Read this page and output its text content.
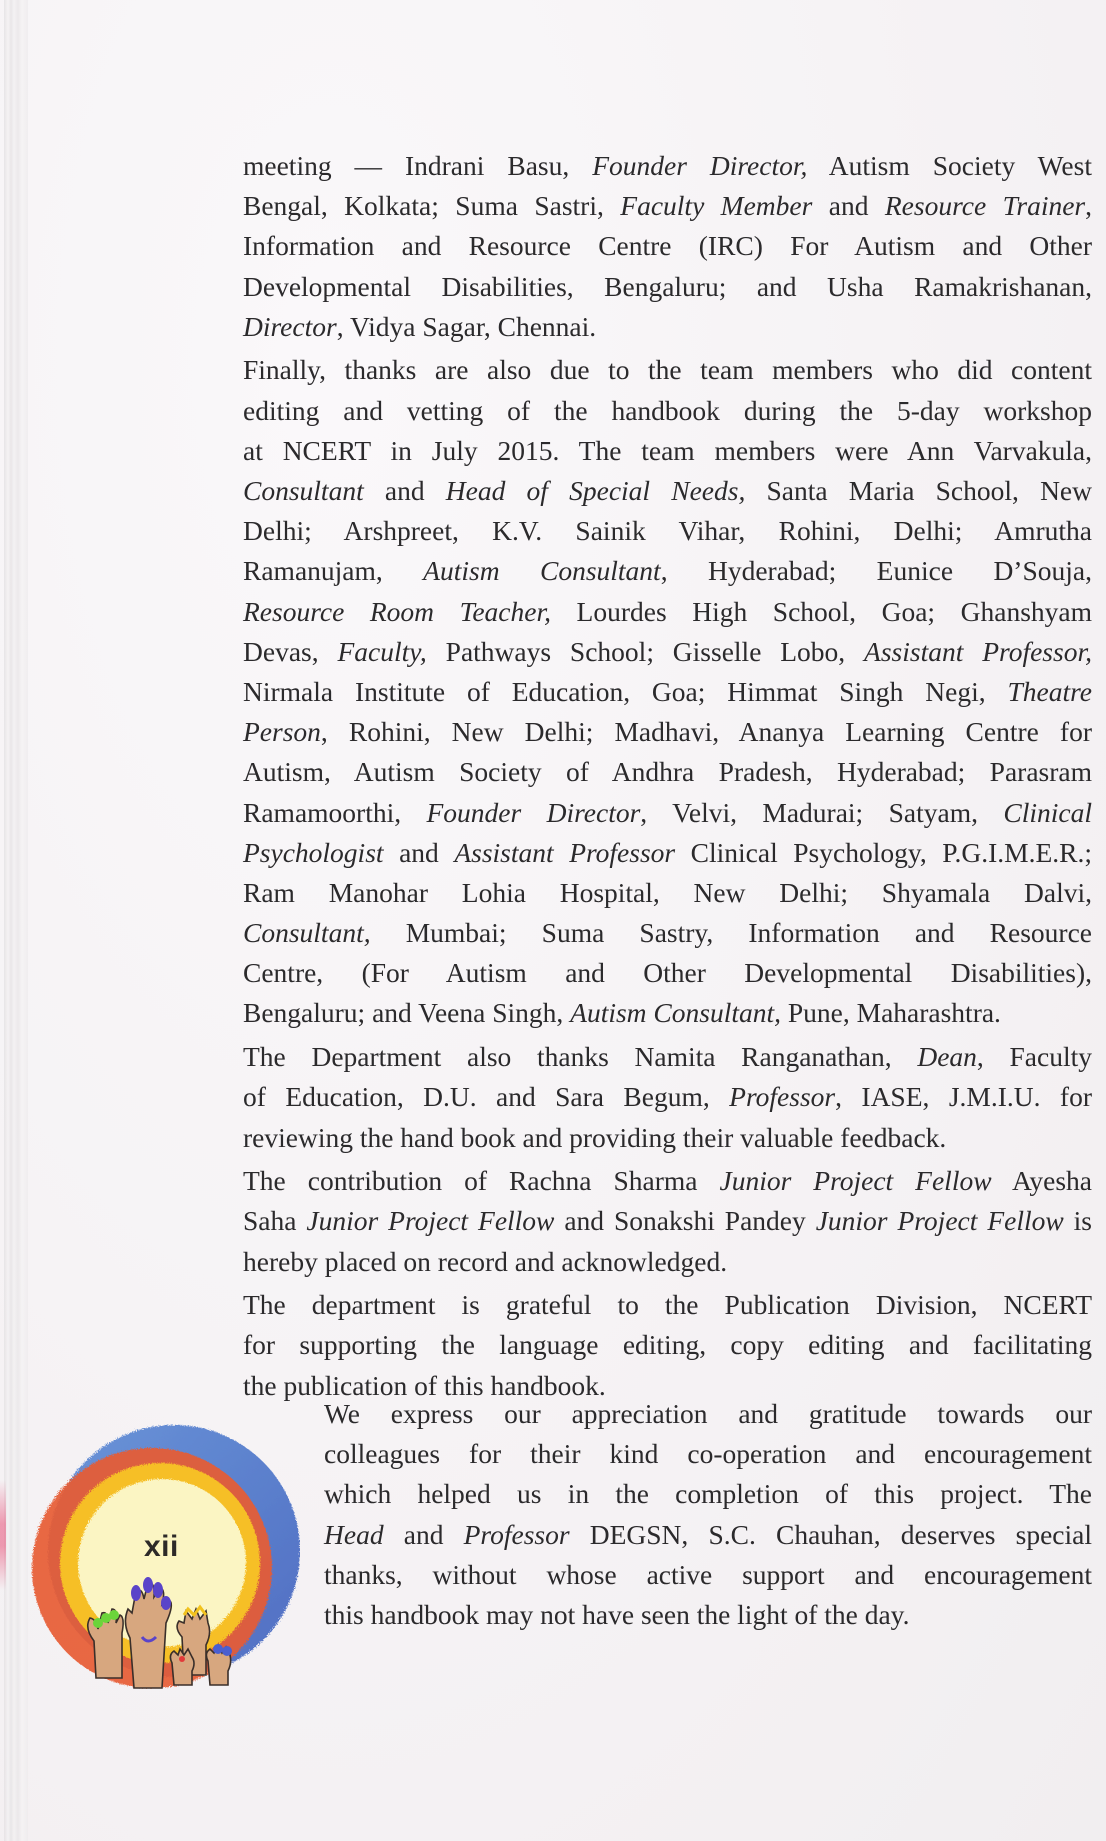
meeting — Indrani Basu, Founder Director, Autism Society West
Bengal, Kolkata; Suma Sastri, Faculty Member and Resource Trainer,
Information and Resource Centre (IRC) For Autism and Other
Developmental Disabilities, Bengaluru; and Usha Ramakrishanan,
Director, Vidya Sagar, Chennai.

Finally, thanks are also due to the team members who did content
editing and vetting of the handbook during the 5-day workshop
at NCERT in July 2015. The team members were Ann Varvakula,
Consultant and Head of Special Needs, Santa Maria School, New
Delhi; Arshpreet, K.V. Sainik Vihar, Rohini, Delhi; Amrutha
Ramanujam, Autism Consultant, Hyderabad; Eunice D’Souja,
Resource Room Teacher, Lourdes High School, Goa; Ghanshyam
Devas, Faculty, Pathways School; Gisselle Lobo, Assistant Professor,
Nirmala Institute of Education, Goa; Himmat Singh Negi, Theatre
Person, Rohini, New Delhi; Madhavi, Ananya Learning Centre for
Autism, Autism Society of Andhra Pradesh, Hyderabad; Parasram
Ramamoorthi, Founder Director, Velvi, Madurai; Satyam, Clinical
Psychologist and Assistant Professor Clinical Psychology, P.G.I.M.E.R.;
Ram Manohar Lohia Hospital, New Delhi; Shyamala Dalvi,
Consultant, Mumbai; Suma Sastry, Information and Resource
Centre, (For Autism and Other Developmental Disabilities),
Bengaluru; and Veena Singh, Autism Consultant, Pune, Maharashtra.

The Department also thanks Namita Ranganathan, Dean, Faculty
of Education, D.U. and Sara Begum, Professor, IASE, J.M.I.U. for
reviewing the hand book and providing their valuable feedback.

The contribution of Rachna Sharma Junior Project Fellow Ayesha
Saha Junior Project Fellow and Sonakshi Pandey Junior Project Fellow is
hereby placed on record and acknowledged.

The department is grateful to the Publication Division, NCERT
for supporting the language editing, copy editing and facilitating
the publication of this handbook.

We express our appreciation and gratitude towards our
colleagues for their kind co-operation and encouragement
which helped us in the completion of this project. The
Head and Professor DEGSN, S.C. Chauhan, deserves special
thanks, without whose active support and encouragement
this handbook may not have seen the light of the day.
xii
